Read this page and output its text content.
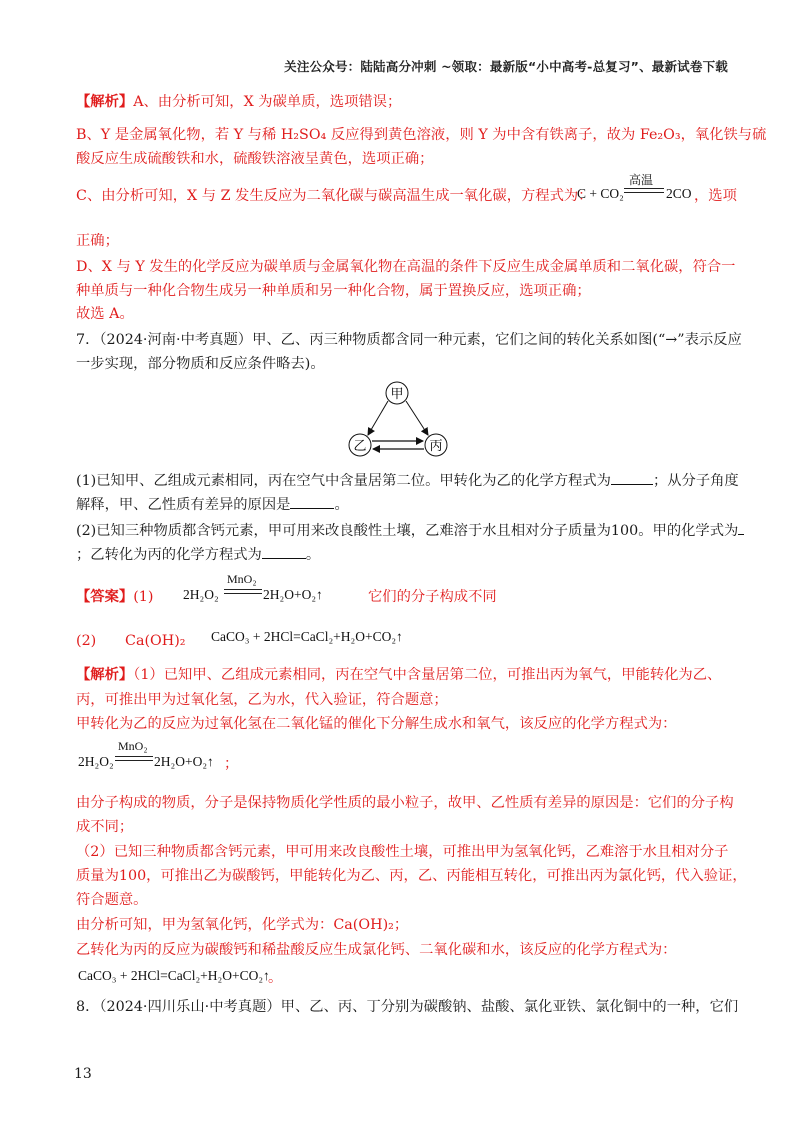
关注公众号：陆陆高分冲刺 ~领取：最新版“小中高考-总复习”、最新试卷下载
【解析】A、由分析可知，X 为碳单质，选项错误；
B、Y 是金属氧化物，若 Y 与稀 H₂SO₄ 反应得到黄色溶液，则 Y 为中含有铁离子，故为 Fe₂O₃，氧化铁与硫
酸反应生成硫酸铁和水，硫酸铁溶液呈黄色，选项正确；
C、由分析可知，X 与 Z 发生反应为二氧化碳与碳高温生成一氧化碳，方程式为：
C + CO₂
高温
2CO ，选项
正确；
D、X 与 Y 发生的化学反应为碳单质与金属氧化物在高温的条件下反应生成金属单质和二氧化碳，符合一
种单质与一种化合物生成另一种单质和另一种化合物，属于置换反应，选项正确；
故选 A。
7．（2024·河南·中考真题）甲、乙、丙三种物质都含同一种元素，它们之间的转化关系如图(“→”表示反应
一步实现，部分物质和反应条件略去)。
甲
乙	丙
(1)已知甲、乙组成元素相同，丙在空气中含量居第二位。甲转化为乙的化学方程式为	；从分子角度
解释，甲、乙性质有差异的原因是	。
(2)已知三种物质都含钙元素，甲可用来改良酸性土壤，乙难溶于水且相对分子质量为100。甲的化学式为
；乙转化为丙的化学方程式为	。
【答案】(1) 2H₂O₂
MnO₂
2H₂O+O₂↑	它们的分子构成不同
(2) Ca(OH)₂ CaCO₃ + 2HCl=CaCl₂+H₂O+CO₂↑
【解析】（1）已知甲、乙组成元素相同，丙在空气中含量居第二位，可推出丙为氧气，甲能转化为乙、
丙，可推出甲为过氧化氢，乙为水，代入验证，符合题意；
甲转化为乙的反应为过氧化氢在二氧化锰的催化下分解生成水和氧气，该反应的化学方程式为：
2H₂O₂
MnO₂
2H₂O+O₂↑ ；
由分子构成的物质，分子是保持物质化学性质的最小粒子，故甲、乙性质有差异的原因是：它们的分子构
成不同；
（2）已知三种物质都含钙元素，甲可用来改良酸性土壤，可推出甲为氢氧化钙，乙难溶于水且相对分子
质量为100，可推出乙为碳酸钙，甲能转化为乙、丙，乙、丙能相互转化，可推出丙为氯化钙，代入验证，
符合题意。
由分析可知，甲为氢氧化钙，化学式为：Ca(OH)₂；
乙转化为丙的反应为碳酸钙和稀盐酸反应生成氯化钙、二氧化碳和水，该反应的化学方程式为：
CaCO₃ + 2HCl=CaCl₂+H₂O+CO₂↑
。
8．（2024·四川乐山·中考真题）甲、乙、丙、丁分别为碳酸钠、盐酸、氯化亚铁、氯化铜中的一种，它们
13
